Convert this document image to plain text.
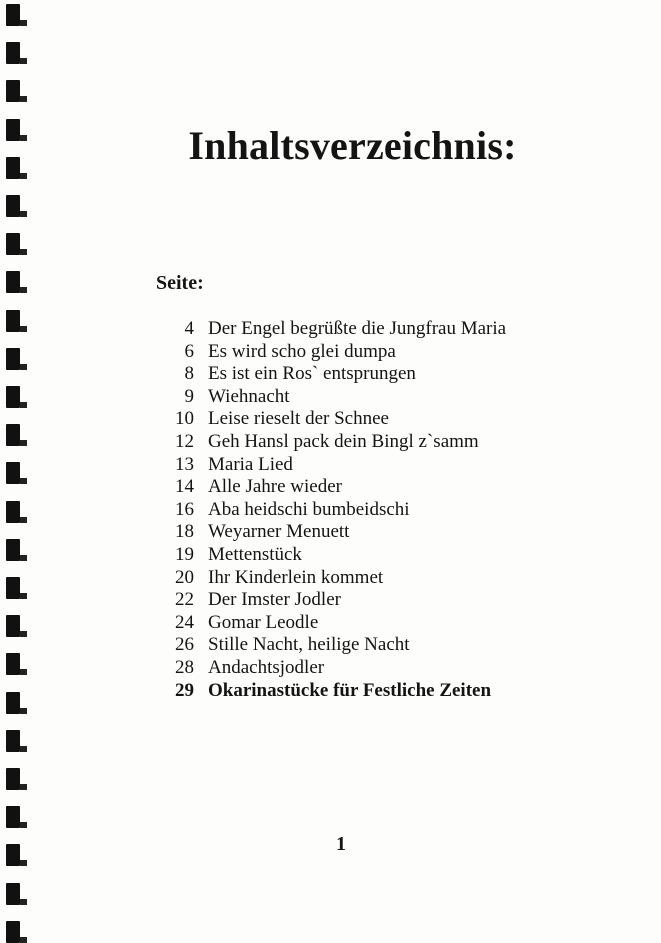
Inhaltsverzeichnis:
Seite:
4 Der Engel begrüßte die Jungfrau Maria
6 Es wird scho glei dumpa
8 Es ist ein Ros` entsprungen
9 Wiehnacht
10 Leise rieselt der Schnee
12 Geh Hansl pack dein Bingl z`samm
13 Maria Lied
14 Alle Jahre wieder
16 Aba heidschi bumbeidschi
18 Weyarner Menuett
19 Mettenstück
20 Ihr Kinderlein kommet
22 Der Imster Jodler
24 Gomar Leodle
26 Stille Nacht, heilige Nacht
28 Andachtsjodler
29 Okarinastücke für Festliche Zeiten
1
